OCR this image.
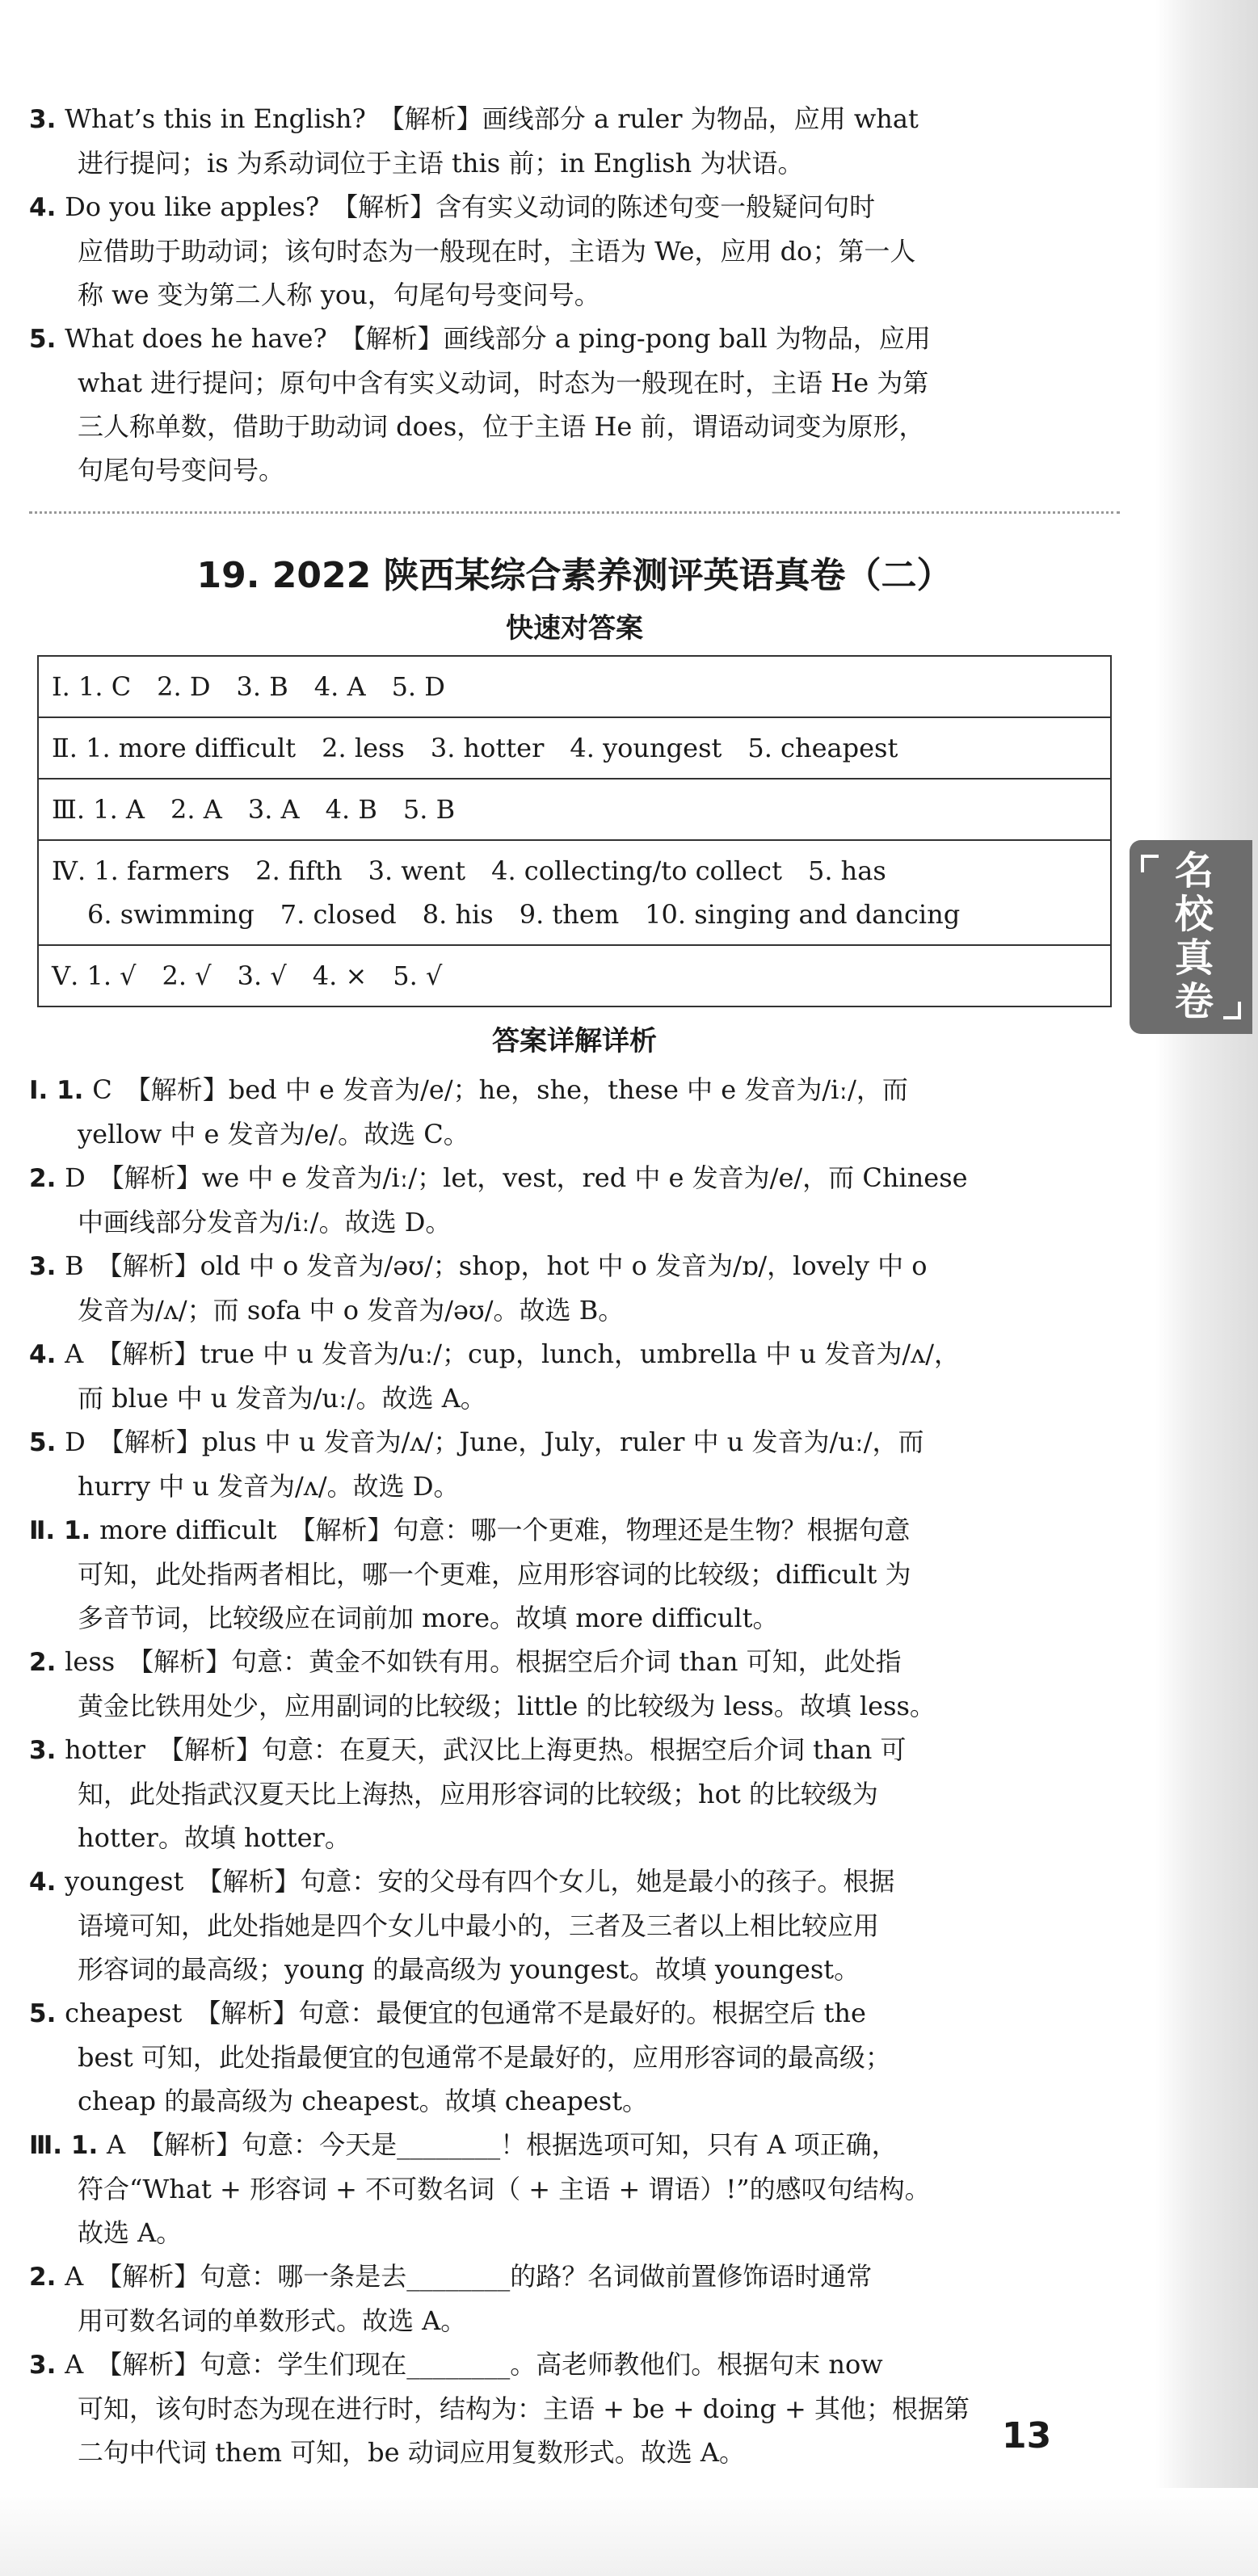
名校真卷
3. What’s this in English?　【解析】画线部分 a ruler 为物品，应用 what
进行提问；is 为系动词位于主语 this 前；in English 为状语。
4. Do you like apples?　【解析】含有实义动词的陈述句变一般疑问句时
应借助于助动词；该句时态为一般现在时，主语为 We，应用 do；第一人
称 we 变为第二人称 you，句尾句号变问号。
5. What does he have?　【解析】画线部分 a ping-pong ball 为物品，应用
what 进行提问；原句中含有实义动词，时态为一般现在时，主语 He 为第
三人称单数，借助于助动词 does，位于主语 He 前，谓语动词变为原形，
句尾句号变问号。
19. 2022 陕西某综合素养测评英语真卷（二）
快速对答案
Ⅰ. 1. C　2. D　3. B　4. A　5. D
Ⅱ. 1. more difficult　2. less　3. hotter　4. youngest　5. cheapest
Ⅲ. 1. A　2. A　3. A　4. B　5. B
Ⅳ. 1. farmers　2. fifth　3. went　4. collecting/to collect　5. has
6. swimming　7. closed　8. his　9. them　10. singing and dancing
Ⅴ. 1. √　2. √　3. √　4. ×　5. √
答案详解详析
Ⅰ. 1. C　【解析】bed 中 e 发音为/e/；he，she，these 中 e 发音为/iː/，而
yellow 中 e 发音为/e/。故选 C。
2. D　【解析】we 中 e 发音为/iː/；let，vest，red 中 e 发音为/e/，而 Chinese
中画线部分发音为/iː/。故选 D。
3. B　【解析】old 中 o 发音为/əʊ/；shop，hot 中 o 发音为/ɒ/，lovely 中 o
发音为/ʌ/；而 sofa 中 o 发音为/əʊ/。故选 B。
4. A　【解析】true 中 u 发音为/uː/；cup，lunch，umbrella 中 u 发音为/ʌ/，
而 blue 中 u 发音为/uː/。故选 A。
5. D　【解析】plus 中 u 发音为/ʌ/；June，July，ruler 中 u 发音为/uː/，而
hurry 中 u 发音为/ʌ/。故选 D。
Ⅱ. 1. more difficult　【解析】句意：哪一个更难，物理还是生物？根据句意
可知，此处指两者相比，哪一个更难，应用形容词的比较级；difficult 为
多音节词，比较级应在词前加 more。故填 more difficult。
2. less　【解析】句意：黄金不如铁有用。根据空后介词 than 可知，此处指
黄金比铁用处少，应用副词的比较级；little 的比较级为 less。故填 less。
3. hotter　【解析】句意：在夏天，武汉比上海更热。根据空后介词 than 可
知，此处指武汉夏天比上海热，应用形容词的比较级；hot 的比较级为
hotter。故填 hotter。
4. youngest　【解析】句意：安的父母有四个女儿，她是最小的孩子。根据
语境可知，此处指她是四个女儿中最小的，三者及三者以上相比较应用
形容词的最高级；young 的最高级为 youngest。故填 youngest。
5. cheapest　【解析】句意：最便宜的包通常不是最好的。根据空后 the
best 可知，此处指最便宜的包通常不是最好的，应用形容词的最高级；
cheap 的最高级为 cheapest。故填 cheapest。
Ⅲ. 1. A　【解析】句意：今天是________！根据选项可知，只有 A 项正确，
符合“What + 形容词 + 不可数名词（ + 主语 + 谓语）!”的感叹句结构。
故选 A。
2. A　【解析】句意：哪一条是去________的路？名词做前置修饰语时通常
用可数名词的单数形式。故选 A。
3. A　【解析】句意：学生们现在________。高老师教他们。根据句末 now
可知，该句时态为现在进行时，结构为：主语 + be + doing + 其他；根据第
二句中代词 them 可知，be 动词应用复数形式。故选 A。	13
